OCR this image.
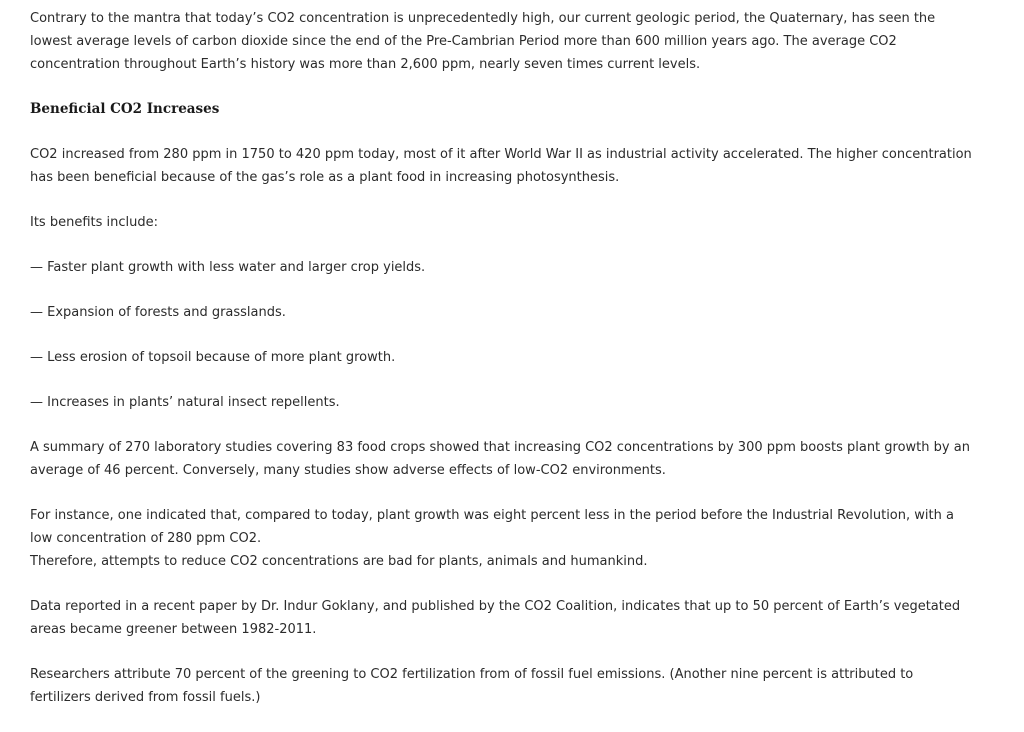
Contrary to the mantra that today’s CO2 concentration is unprecedentedly high, our current geologic period, the Quaternary, has seen the lowest average levels of carbon dioxide since the end of the Pre-Cambrian Period more than 600 million years ago. The average CO2 concentration throughout Earth’s history was more than 2,600 ppm, nearly seven times current levels.

Beneficial CO2 Increases

CO2 increased from 280 ppm in 1750 to 420 ppm today, most of it after World War II as industrial activity accelerated. The higher concentration has been beneficial because of the gas’s role as a plant food in increasing photosynthesis.

Its benefits include:

— Faster plant growth with less water and larger crop yields.

— Expansion of forests and grasslands.

— Less erosion of topsoil because of more plant growth.

— Increases in plants’ natural insect repellents.

A summary of 270 laboratory studies covering 83 food crops showed that increasing CO2 concentrations by 300 ppm boosts plant growth by an average of 46 percent. Conversely, many studies show adverse effects of low-CO2 environments.

For instance, one indicated that, compared to today, plant growth was eight percent less in the period before the Industrial Revolution, with a low concentration of 280 ppm CO2.

Therefore, attempts to reduce CO2 concentrations are bad for plants, animals and humankind.

Data reported in a recent paper by Dr. Indur Goklany, and published by the CO2 Coalition, indicates that up to 50 percent of Earth’s vegetated areas became greener between 1982-2011.

Researchers attribute 70 percent of the greening to CO2 fertilization from of fossil fuel emissions. (Another nine percent is attributed to fertilizers derived from fossil fuels.)
